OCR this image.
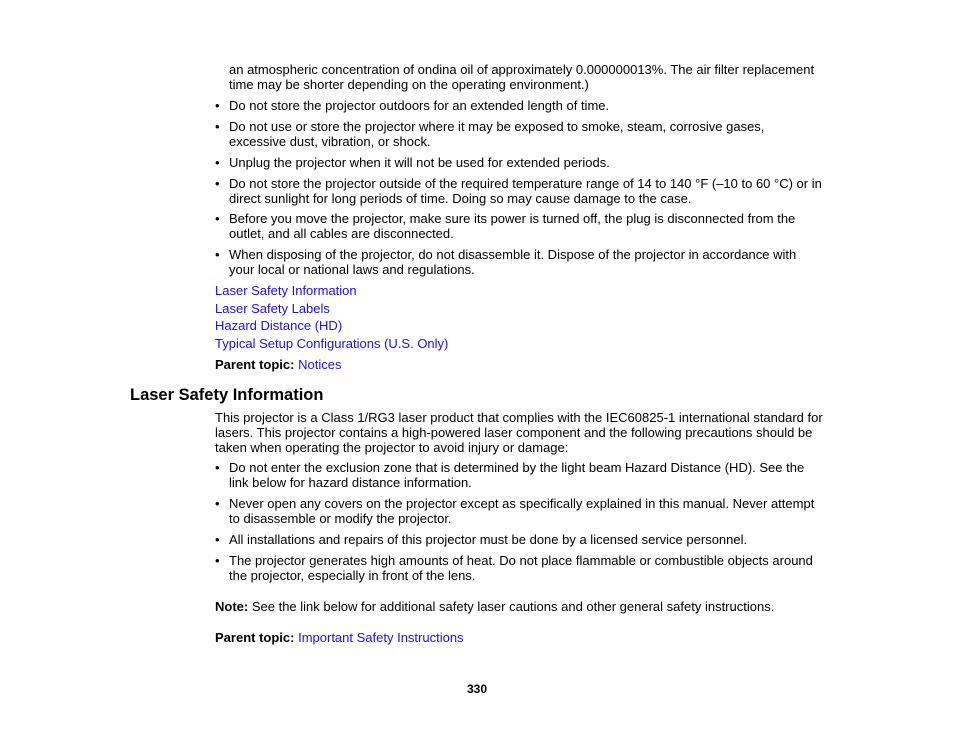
an atmospheric concentration of ondina oil of approximately 0.000000013%. The air filter replacement time may be shorter depending on the operating environment.)
• Do not store the projector outdoors for an extended length of time.
• Do not use or store the projector where it may be exposed to smoke, steam, corrosive gases, excessive dust, vibration, or shock.
• Unplug the projector when it will not be used for extended periods.
• Do not store the projector outside of the required temperature range of 14 to 140 °F (–10 to 60 °C) or in direct sunlight for long periods of time. Doing so may cause damage to the case.
• Before you move the projector, make sure its power is turned off, the plug is disconnected from the outlet, and all cables are disconnected.
• When disposing of the projector, do not disassemble it. Dispose of the projector in accordance with your local or national laws and regulations.
Laser Safety Information
Laser Safety Labels
Hazard Distance (HD)
Typical Setup Configurations (U.S. Only)
Parent topic: Notices
Laser Safety Information
This projector is a Class 1/RG3 laser product that complies with the IEC60825-1 international standard for lasers. This projector contains a high-powered laser component and the following precautions should be taken when operating the projector to avoid injury or damage:
• Do not enter the exclusion zone that is determined by the light beam Hazard Distance (HD). See the link below for hazard distance information.
• Never open any covers on the projector except as specifically explained in this manual. Never attempt to disassemble or modify the projector.
• All installations and repairs of this projector must be done by a licensed service personnel.
• The projector generates high amounts of heat. Do not place flammable or combustible objects around the projector, especially in front of the lens.
Note: See the link below for additional safety laser cautions and other general safety instructions.
Parent topic: Important Safety Instructions
330
